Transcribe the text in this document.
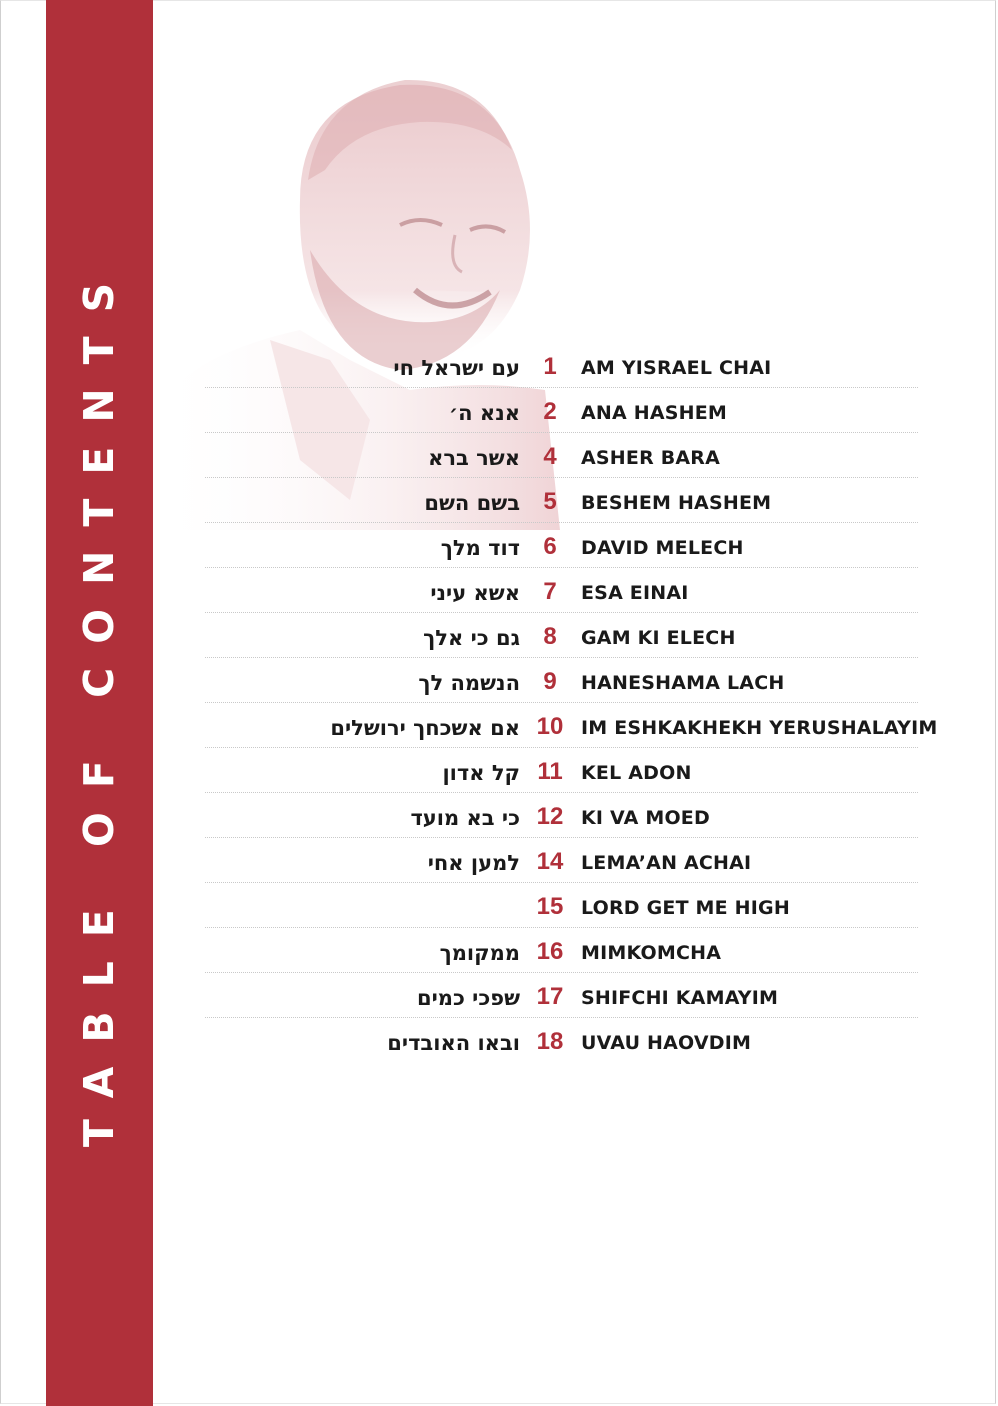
TABLE OF CONTENTS	עם ישראל חי 1	AM YISRAEL CHAI
אנא ה׳ 2	ANA HASHEM
אשר ברא 4	ASHER BARA
בשם השם 5	BESHEM HASHEM
דוד מלך 6	DAVID MELECH
אשא עיני 7	ESA EINAI
גם כי אלך 8	GAM KI ELECH
הנשמה לך 9	HANESHAMA LACH
אם אשכחך ירושלים 10 IM ESHKAKHEKH YERUSHALAYIM
קל אדון 11 KEL ADON
כי בא מועד 12 KI VA MOED
למען אחי 14 LEMA’AN ACHAI
15 LORD GET ME HIGH
ממקומך 16 MIMKOMCHA
שפכי כמים 17 SHIFCHI KAMAYIM
ובאו האובדים 18 UVAU HAOVDIM
